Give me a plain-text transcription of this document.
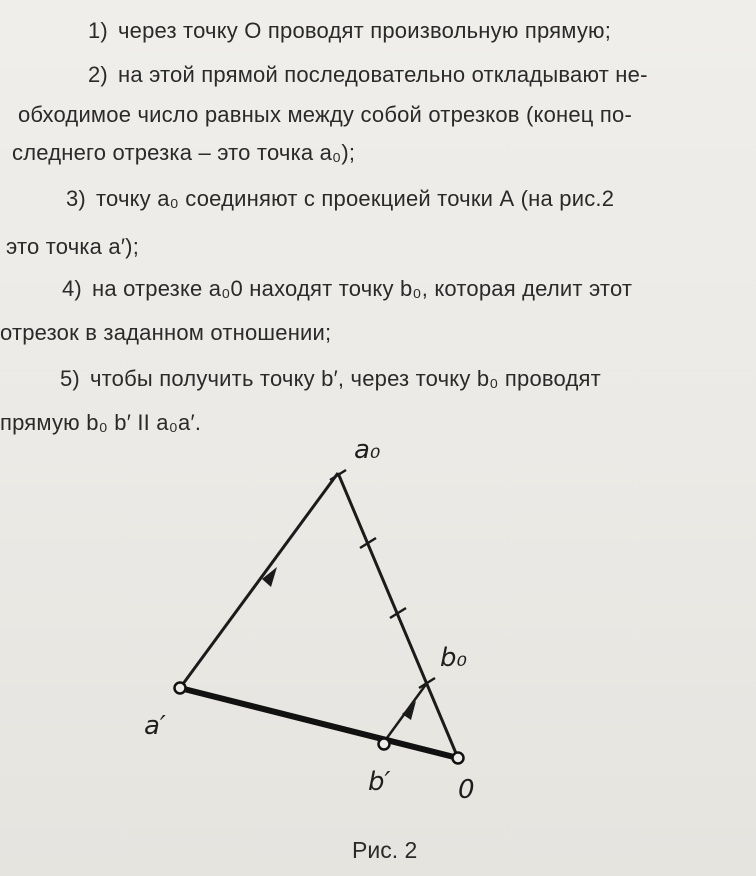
1) через точку О проводят произвольную прямую;
2) на этой прямой последовательно откладывают не-
обходимое число равных между собой отрезков (конец по-
следнего отрезка – это точка a₀);
3) точку a₀ соединяют с проекцией точки А (на рис.2
это точка a′);
4) на отрезке a₀0 находят точку b₀, которая делит этот
отрезок в заданном отношении;
5) чтобы получить точку b′, через точку b₀ проводят
прямую b₀ b′ II a₀a′.
a₀
b₀
a′
b′	0
Рис. 2
